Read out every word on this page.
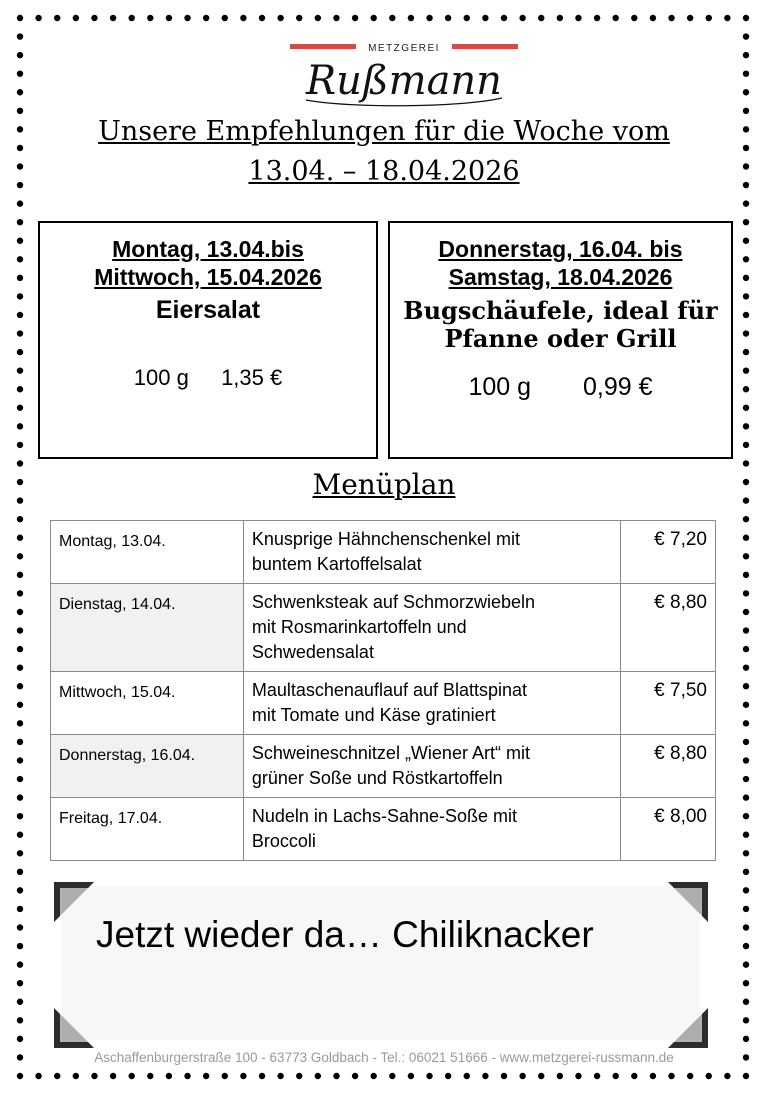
METZGEREI
Rußmann
Unsere Empfehlungen für die Woche vom
13.04. – 18.04.2026
Montag, 13.04.bis
Mittwoch, 15.04.2026
Eiersalat
100 g 1,35 €
Donnerstag, 16.04. bis
Samstag, 18.04.2026
Bugschäufele, ideal für
Pfanne oder Grill
100 g 0,99 €
Menüplan
Montag, 13.04.	Knusprige Hähnchenschenkel mit
buntem Kartoffelsalat	€ 7,20
Dienstag, 14.04.	Schwenksteak auf Schmorzwiebeln
mit Rosmarinkartoffeln und
Schwedensalat	€ 8,80
Mittwoch, 15.04.	Maultaschenauflauf auf Blattspinat
mit Tomate und Käse gratiniert	€ 7,50
Donnerstag, 16.04.	Schweineschnitzel „Wiener Art“ mit
grüner Soße und Röstkartoffeln	€ 8,80
Freitag, 17.04.	Nudeln in Lachs-Sahne-Soße mit
Broccoli	€ 8,00
Jetzt wieder da… Chiliknacker
Aschaffenburgerstraße 100 - 63773 Goldbach - Tel.: 06021 51666 - www.metzgerei-russmann.de
